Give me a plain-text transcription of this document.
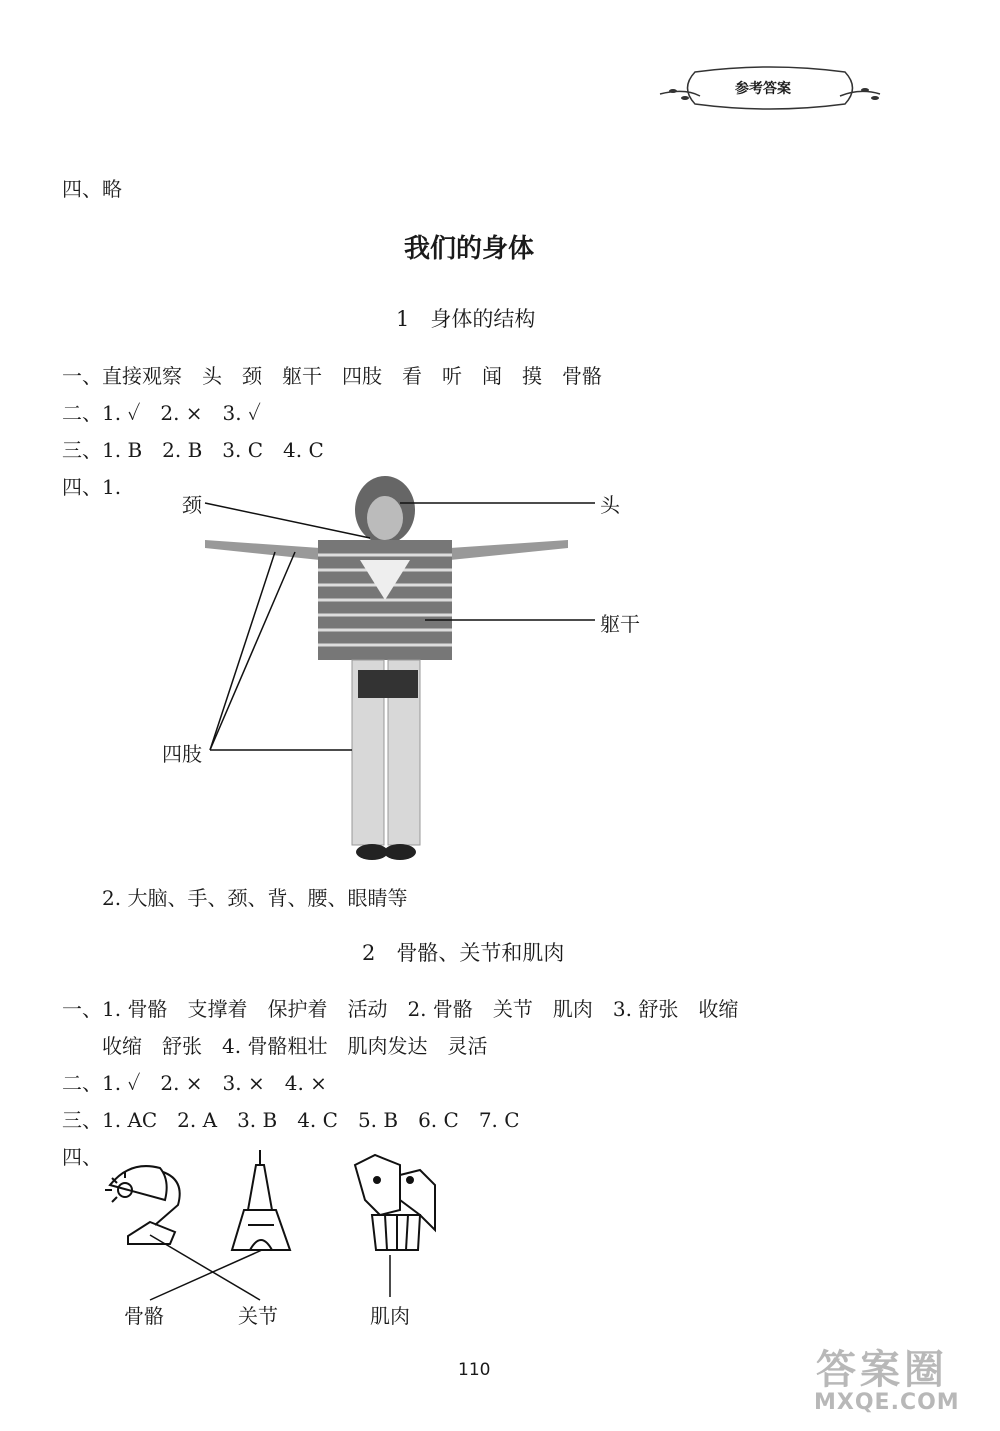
参考答案
四、略
我们的身体
1　身体的结构
一、直接观察　头　颈　躯干　四肢　看　听　闻　摸　骨骼
二、1. ✓　2. ×　3. ✓
三、1. B　2. B　3. C　4. C
四、1.
颈	头
躯干
四肢
2. 大脑、手、颈、背、腰、眼睛等
2　骨骼、关节和肌肉
一、1. 骨骼　支撑着　保护着　活动　2. 骨骼　关节　肌肉　3. 舒张　收缩
收缩　舒张　4. 骨骼粗壮　肌肉发达　灵活
二、1. ✓　2. ×　3. ×　4. ×
三、1. AC　2. A　3. B　4. C　5. B　6. C　7. C
四、
骨骼	关节	肌肉
110	答案圈
MXQE.COM
